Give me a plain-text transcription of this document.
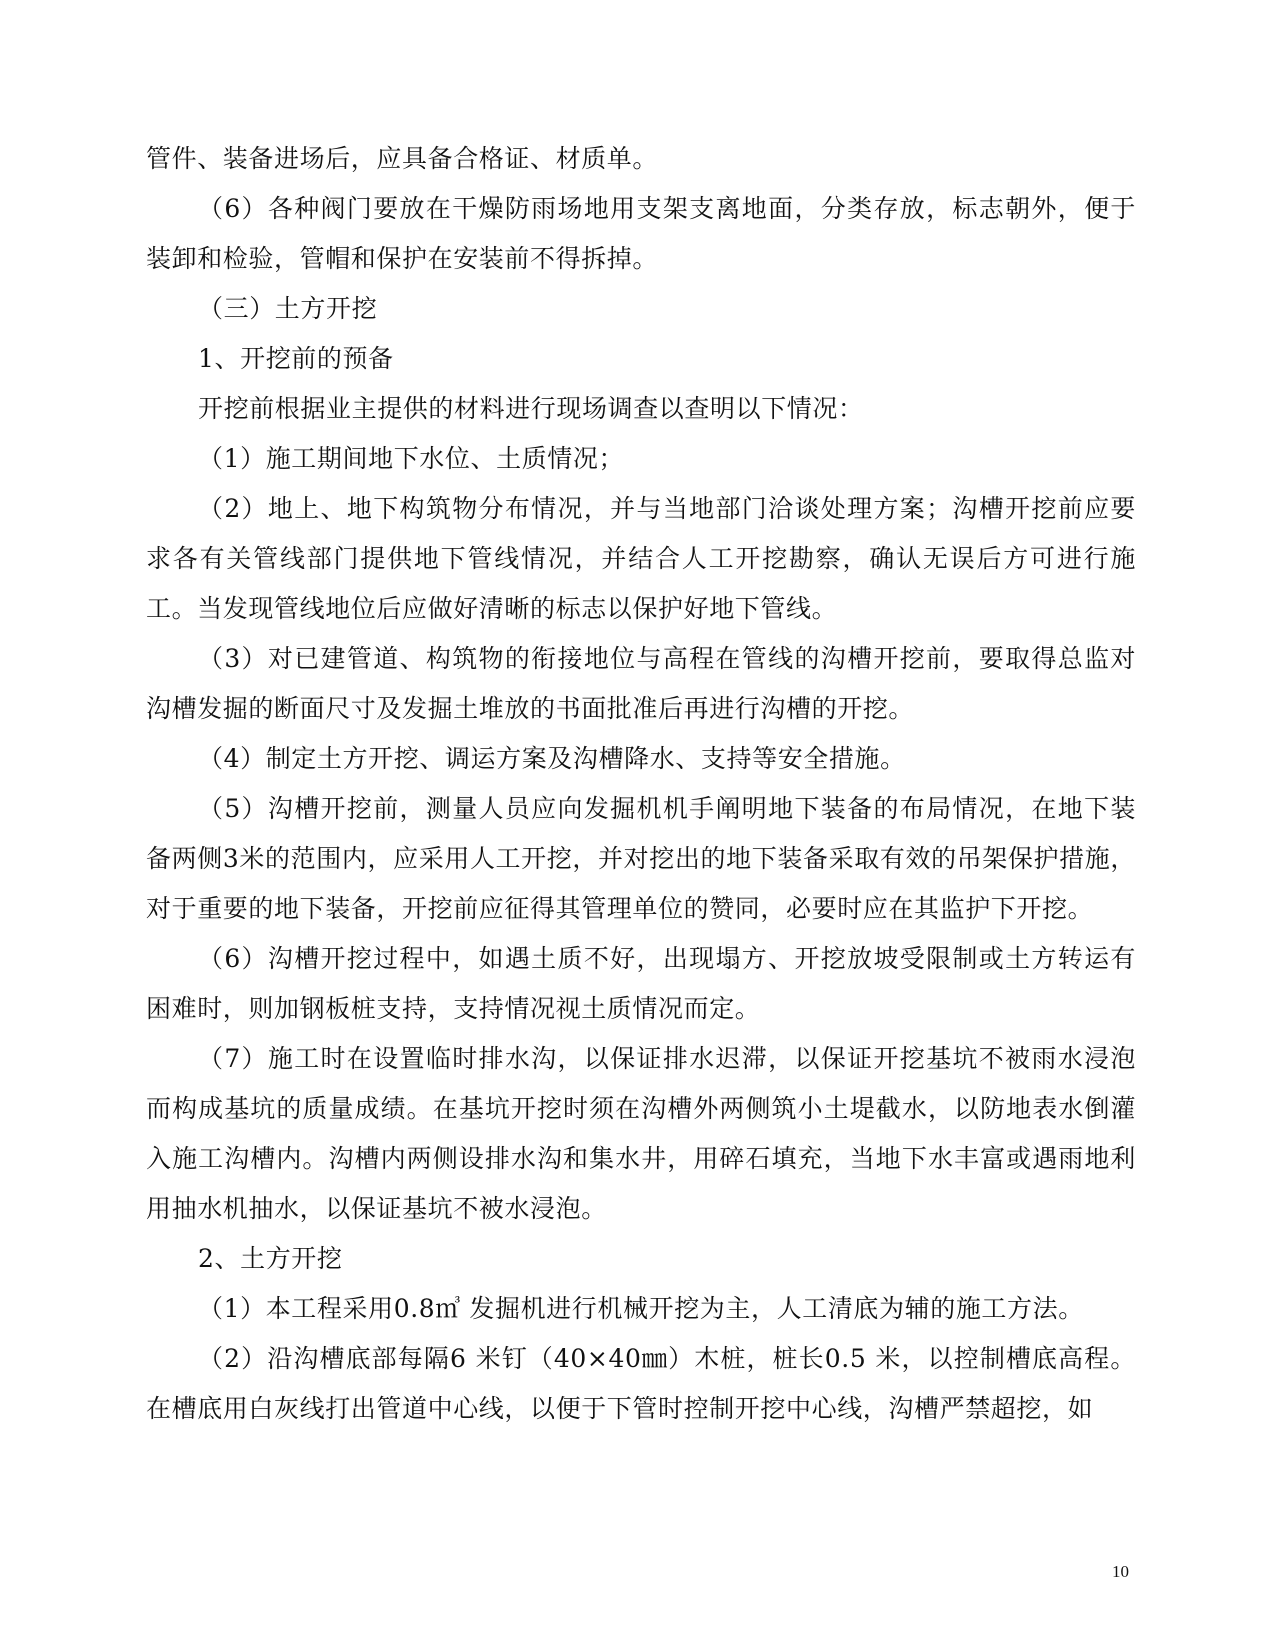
管件、装备进场后，应具备合格证、材质单。

（6）各种阀门要放在干燥防雨场地用支架支离地面，分类存放，标志朝外，便于装卸和检验，管帽和保护在安装前不得拆掉。

（三）土方开挖

1、开挖前的预备

开挖前根据业主提供的材料进行现场调查以查明以下情况：

（1）施工期间地下水位、土质情况；

（2）地上、地下构筑物分布情况，并与当地部门洽谈处理方案；沟槽开挖前应要求各有关管线部门提供地下管线情况，并结合人工开挖勘察，确认无误后方可进行施工。当发现管线地位后应做好清晰的标志以保护好地下管线。

（3）对已建管道、构筑物的衔接地位与高程在管线的沟槽开挖前，要取得总监对沟槽发掘的断面尺寸及发掘土堆放的书面批准后再进行沟槽的开挖。

（4）制定土方开挖、调运方案及沟槽降水、支持等安全措施。

（5）沟槽开挖前，测量人员应向发掘机机手阐明地下装备的布局情况，在地下装备两侧3米的范围内，应采用人工开挖，并对挖出的地下装备采取有效的吊架保护措施，对于重要的地下装备，开挖前应征得其管理单位的赞同，必要时应在其监护下开挖。

（6）沟槽开挖过程中，如遇土质不好，出现塌方、开挖放坡受限制或土方转运有困难时，则加钢板桩支持，支持情况视土质情况而定。

（7）施工时在设置临时排水沟，以保证排水迟滞，以保证开挖基坑不被雨水浸泡而构成基坑的质量成绩。在基坑开挖时须在沟槽外两侧筑小土堤截水，以防地表水倒灌入施工沟槽内。沟槽内两侧设排水沟和集水井，用碎石填充，当地下水丰富或遇雨地利用抽水机抽水，以保证基坑不被水浸泡。

2、土方开挖

（1）本工程采用0.8㎥ 发掘机进行机械开挖为主，人工清底为辅的施工方法。

（2）沿沟槽底部每隔6 米钉（40×40㎜）木桩，桩长0.5 米，以控制槽底高程。在槽底用白灰线打出管道中心线，以便于下管时控制开挖中心线，沟槽严禁超挖，如

10
